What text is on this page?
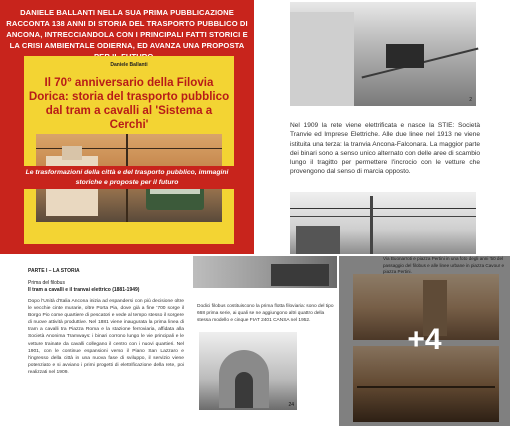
DANIELE BALLANTI NELLA SUA PRIMA PUBBLICAZIONE RACCONTA 138 ANNI DI STORIA DEL TRASPORTO PUBBLICO DI ANCONA, INTRECCIANDOLA CON I PRINCIPALI FATTI STORICI E LA CRISI AMBIENTALE ODIERNA, ED AVANZA UNA PROPOSTA
Daniele Ballanti
Il 70° anniversario della Filovia Dorica: storia del trasporto pubblico dal tram a cavalli al 'Sistema a Cerchi'
Le trasformazioni della città e del trasporto pubblico, immagini storiche e proposte per il futuro
2
Nel 1909 la rete viene elettrificata e nasce la STIE: Società Tranvie ed Imprese Elettriche. Alle due linee nel 1913 ne viene istituita una terza: la tranvia Ancona-Falconara. La maggior parte dei binari sono a senso unico alternato con delle aree di scambio lungo il tragitto per permettere l'incrocio con le vetture che provengono dal senso di marcia opposto.
PARTE I – LA STORIA
Prima del filobus
Il tram a cavalli e il tranvai elettrico (1881-1949)
Dopo l'Unità d'Italia Ancona inizia ad espandersi con più decisione oltre le vecchie cinte murarie, oltre Porta Pia, dove già a fine '700 sorge il Borgo Pio come quartiere di pescatori e vede al tempo stesso il sorgere di nuove attività produttive. Nel 1881 viene inaugurata la prima linea di tram a cavalli tra Piazza Roma e la stazione ferroviaria, affidata alla Società Anonima Tramways: i binari corrono lungo le vie principali e le vetture trainate da cavalli collegano il centro con i nuovi quartieri. Nel 1901, con le continue espansioni verso il Piano San Lazzaro e l'ingresso della città in una nuova fase di sviluppo, il servizio viene potenziato e si avviano i primi progetti di elettrificazione della rete, poi realizzati nel 1909.
Dodici filobus costituiscono la prima flotta filoviaria: sono del tipo 668 prima serie, ai quali se ne aggiungono altri quattro della stessa modello e cinque FIAT 2401 CANSA nel 1952.
24
Via Buonarroti e piazza Pertini in una foto degli anni '50 del passaggio del filobus e alle linee urbane in piazza Cavour e piazza Pertini.
+4
